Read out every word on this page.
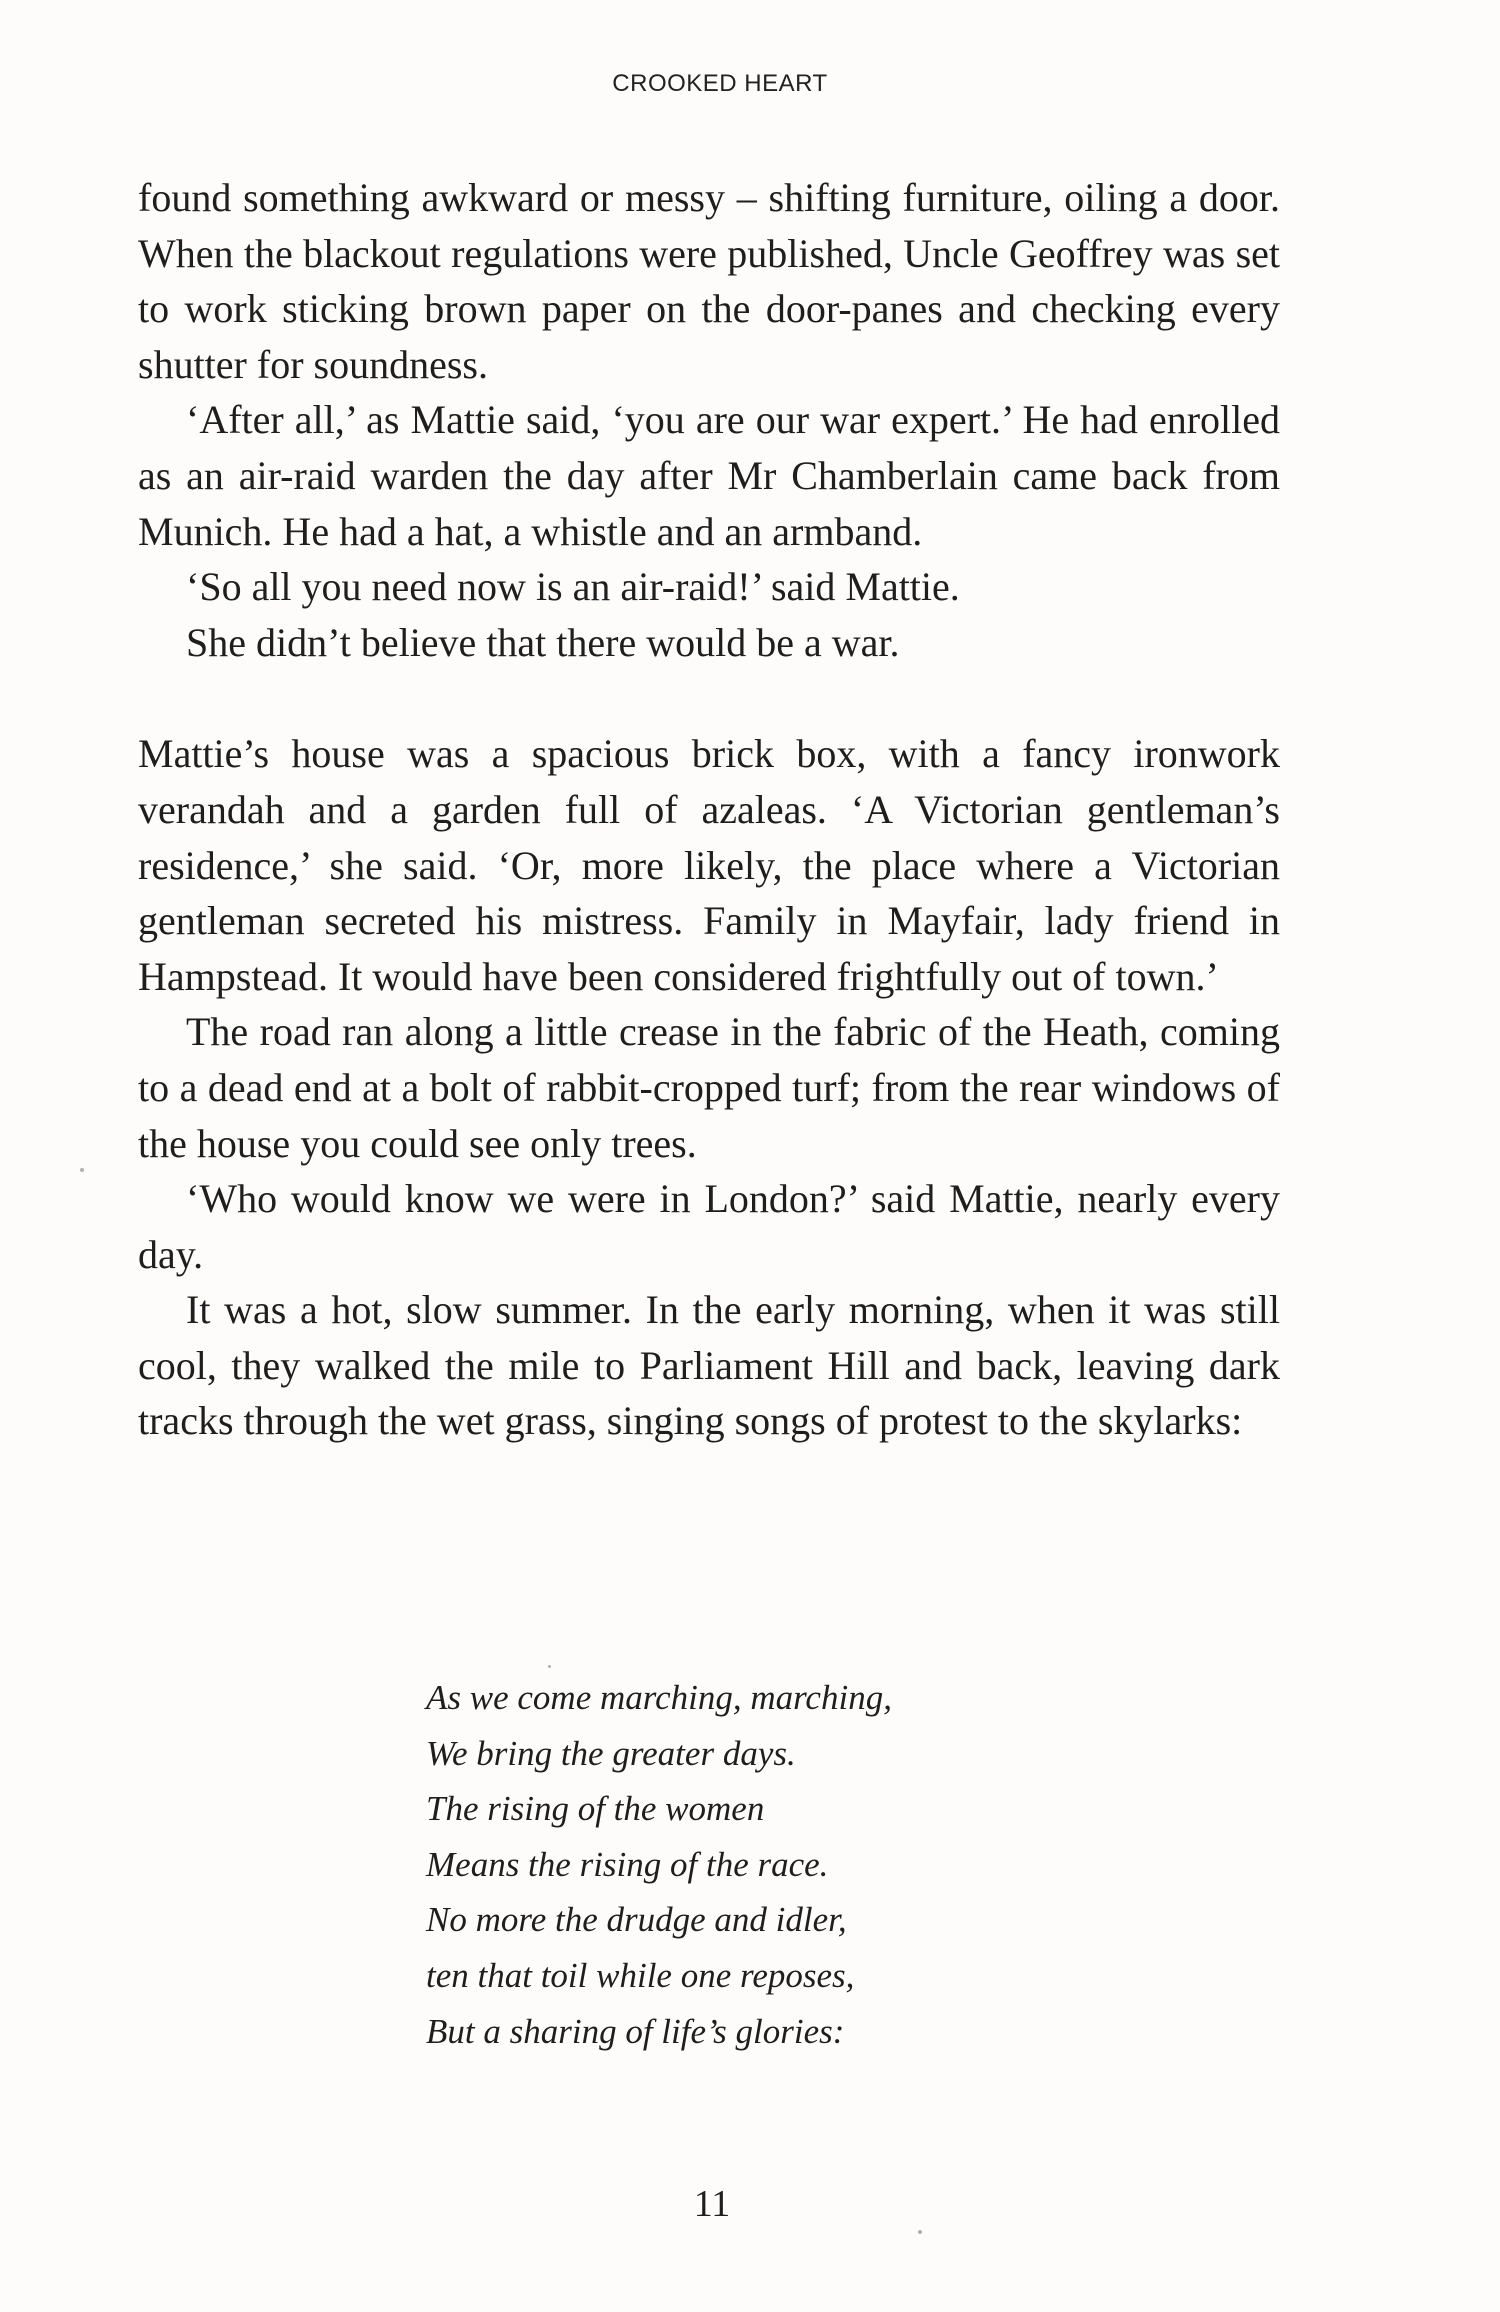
CROOKED HEART

found something awkward or messy – shifting furniture, oiling a door. When the blackout regulations were published, Uncle Geoffrey was set to work sticking brown paper on the door-panes and checking every shutter for soundness.

‘After all,’ as Mattie said, ‘you are our war expert.’ He had enrolled as an air-raid warden the day after Mr Chamberlain came back from Munich. He had a hat, a whistle and an armband.

‘So all you need now is an air-raid!’ said Mattie.

She didn’t believe that there would be a war.

Mattie’s house was a spacious brick box, with a fancy ironwork verandah and a garden full of azaleas. ‘A Victorian gentleman’s residence,’ she said. ‘Or, more likely, the place where a Victorian gentleman secreted his mistress. Family in Mayfair, lady friend in Hampstead. It would have been considered frightfully out of town.’

The road ran along a little crease in the fabric of the Heath, coming to a dead end at a bolt of rabbit-cropped turf; from the rear windows of the house you could see only trees.

‘Who would know we were in London?’ said Mattie, nearly every day.

It was a hot, slow summer. In the early morning, when it was still cool, they walked the mile to Parliament Hill and back, leaving dark tracks through the wet grass, singing songs of protest to the skylarks:

As we come marching, marching,
We bring the greater days.
The rising of the women
Means the rising of the race.
No more the drudge and idler,
ten that toil while one reposes,
But a sharing of life’s glories:
11
